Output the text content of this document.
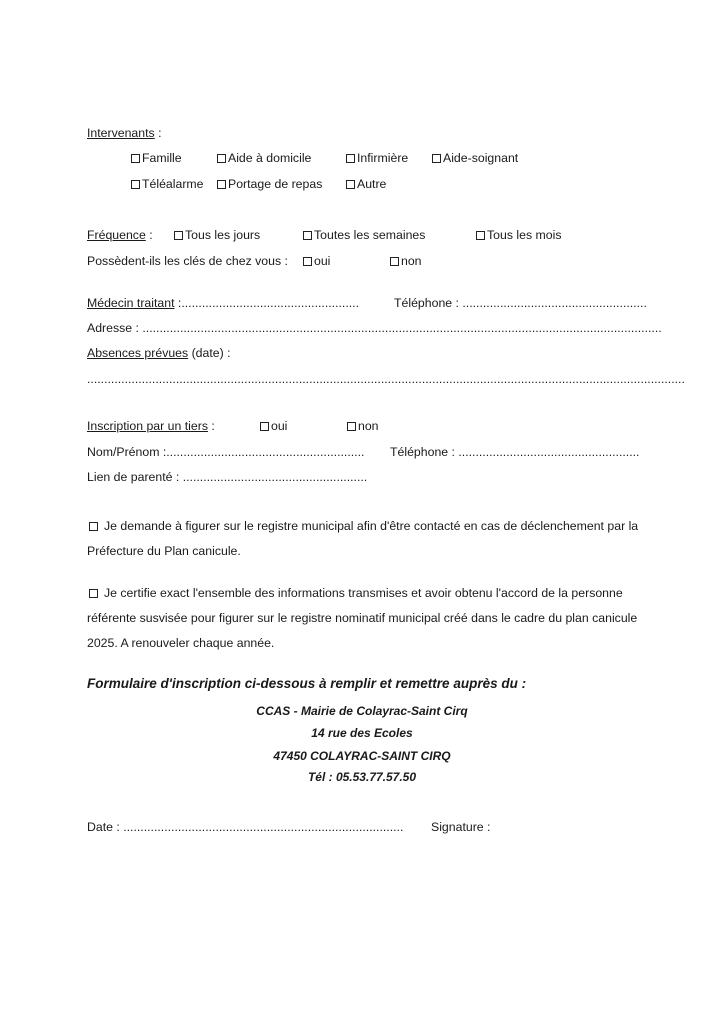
Intervenants :
Famille	Aide à domicile	Infirmière	Aide-soignant
Téléalarme	Portage de repas	Autre
Fréquence :	Tous les jours	Toutes les semaines	Tous les mois
Possèdent-ils les clés de chez vous :	oui	non
Médecin traitant :....................................................	Téléphone : ......................................................
Adresse : ........................................................................................................................................................
Absences prévues (date) :
...............................................................................................................................................................................
Inscription par un tiers :	oui	non
Nom/Prénom :.......................................................... Téléphone : .....................................................
Lien de parenté : ......................................................
Je demande à figurer sur le registre municipal afin d'être contacté en cas de déclenchement par la
Préfecture du Plan canicule.
Je certifie exact l'ensemble des informations transmises et avoir obtenu l'accord de la personne
référente susvisée pour figurer sur le registre nominatif municipal créé dans le cadre du plan canicule
2025. A renouveler chaque année.
Formulaire d'inscription ci-dessous à remplir et remettre auprès du :
CCAS - Mairie de Colayrac-Saint Cirq
14 rue des Ecoles
47450 COLAYRAC-SAINT CIRQ
Tél : 05.53.77.57.50
Date : .................................................................................. Signature :
